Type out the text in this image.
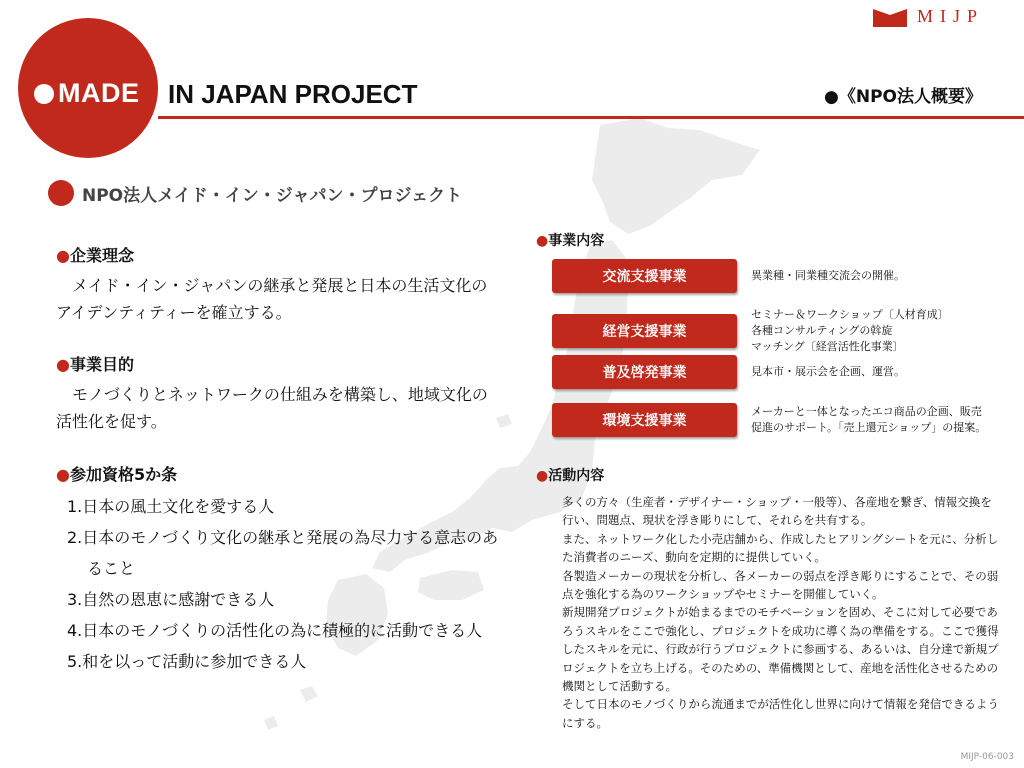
MADE IN JAPAN PROJECT	●《NPO法人概要》
MIJP
NPO法人メイド・イン・ジャパン・プロジェクト
●企業理念
メイド・イン・ジャパンの継承と発展と日本の生活文化のアイデンティティーを確立する。
●事業目的
モノづくりとネットワークの仕組みを構築し、地域文化の活性化を促す。
●参加資格5か条
1.日本の風土文化を愛する人
2.日本のモノづくり文化の継承と発展の為尽力する意志のあること
3.自然の恩恵に感謝できる人
4.日本のモノづくりの活性化の為に積極的に活動できる人
5.和を以って活動に参加できる人
●事業内容
交流支援事業	異業種・同業種交流会の開催。
経営支援事業
セミナー＆ワークショップ〔人材育成〕
各種コンサルティングの斡旋
マッチング〔経営活性化事業〕
普及啓発事業	見本市・展示会を企画、運営。
環境支援事業
メーカーと一体となったエコ商品の企画、販売
促進のサポート。「売上還元ショップ」の提案。
●活動内容

多くの方々（生産者・デザイナー・ショップ・一般等）、各産地を繋ぎ、情報交換を行い、問題点、現状を浮き彫りにして、それらを共有する。

また、ネットワーク化した小売店舗から、作成したヒアリングシートを元に、分析した消費者のニーズ、動向を定期的に提供していく。

各製造メーカーの現状を分析し、各メーカーの弱点を浮き彫りにすることで、その弱点を強化する為のワークショップやセミナーを開催していく。

新規開発プロジェクトが始まるまでのモチベーションを固め、そこに対して必要であろうスキルをここで強化し、プロジェクトを成功に導く為の準備をする。ここで獲得したスキルを元に、行政が行うプロジェクトに参画する、あるいは、自分達で新規プロジェクトを立ち上げる。そのための、準備機関として、産地を活性化させるための機関として活動する。

そして日本のモノづくりから流通までが活性化し世界に向けて情報を発信できるようにする。

MIJP-06-003
